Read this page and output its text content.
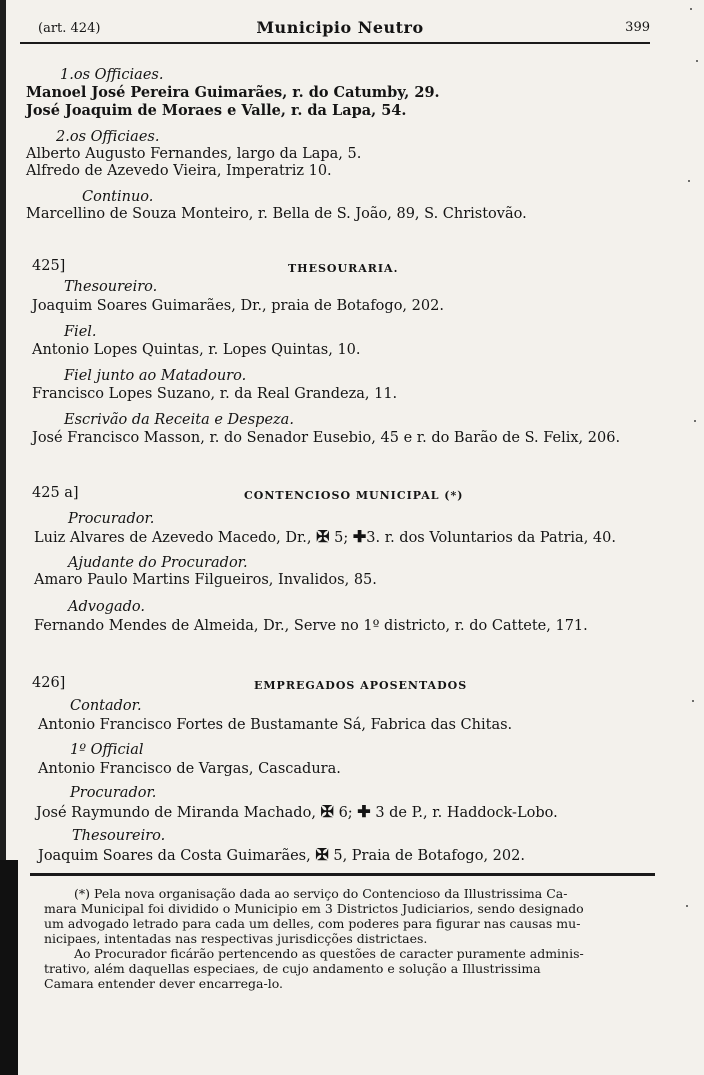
(art. 424)	Municipio Neutro	399
1.os Officiaes.
Manoel José Pereira Guimarães, r. do Catumby, 29.
José Joaquim de Moraes e Valle, r. da Lapa, 54.
2.os Officiaes.
Alberto Augusto Fernandes, largo da Lapa, 5.
Alfredo de Azevedo Vieira, Imperatriz 10.
Continuo.
Marcellino de Souza Monteiro, r. Bella de S. João, 89, S. Christovão.
425]	THESOURARIA.
Thesoureiro.
Joaquim Soares Guimarães, Dr., praia de Botafogo, 202.
Fiel.
Antonio Lopes Quintas, r. Lopes Quintas, 10.
Fiel junto ao Matadouro.
Francisco Lopes Suzano, r. da Real Grandeza, 11.
Escrivão da Receita e Despeza.
José Francisco Masson, r. do Senador Eusebio, 45 e r. do Barão de S. Felix, 206.
425 a]	CONTENCIOSO MUNICIPAL (*)
Procurador.
Luiz Alvares de Azevedo Macedo, Dr., ✠ 5; ✚3. r. dos Voluntarios da Patria, 40.
Ajudante do Procurador.
Amaro Paulo Martins Filgueiros, Invalidos, 85.
Advogado.
Fernando Mendes de Almeida, Dr., Serve no 1º districto, r. do Cattete, 171.
426]	EMPREGADOS APOSENTADOS
Contador.
Antonio Francisco Fortes de Bustamante Sá, Fabrica das Chitas.
1º Official
Antonio Francisco de Vargas, Cascadura.
Procurador.
José Raymundo de Miranda Machado, ✠ 6; ✚ 3 de P., r. Haddock-Lobo.
Thesoureiro.
Joaquim Soares da Costa Guimarães, ✠ 5, Praia de Botafogo, 202.
(*) Pela nova organisação dada ao serviço do Contencioso da Illustrissima Ca-
mara Municipal foi dividido o Municipio em 3 Districtos Judiciarios, sendo designado
um advogado letrado para cada um delles, com poderes para figurar nas causas mu-
nicipaes, intentadas nas respectivas jurisdicções districtaes.
Ao Procurador ficárão pertencendo as questões de caracter puramente adminis-
trativo, além daquellas especiaes, de cujo andamento e solução a Illustrissima
Camara entender dever encarrega-lo.
